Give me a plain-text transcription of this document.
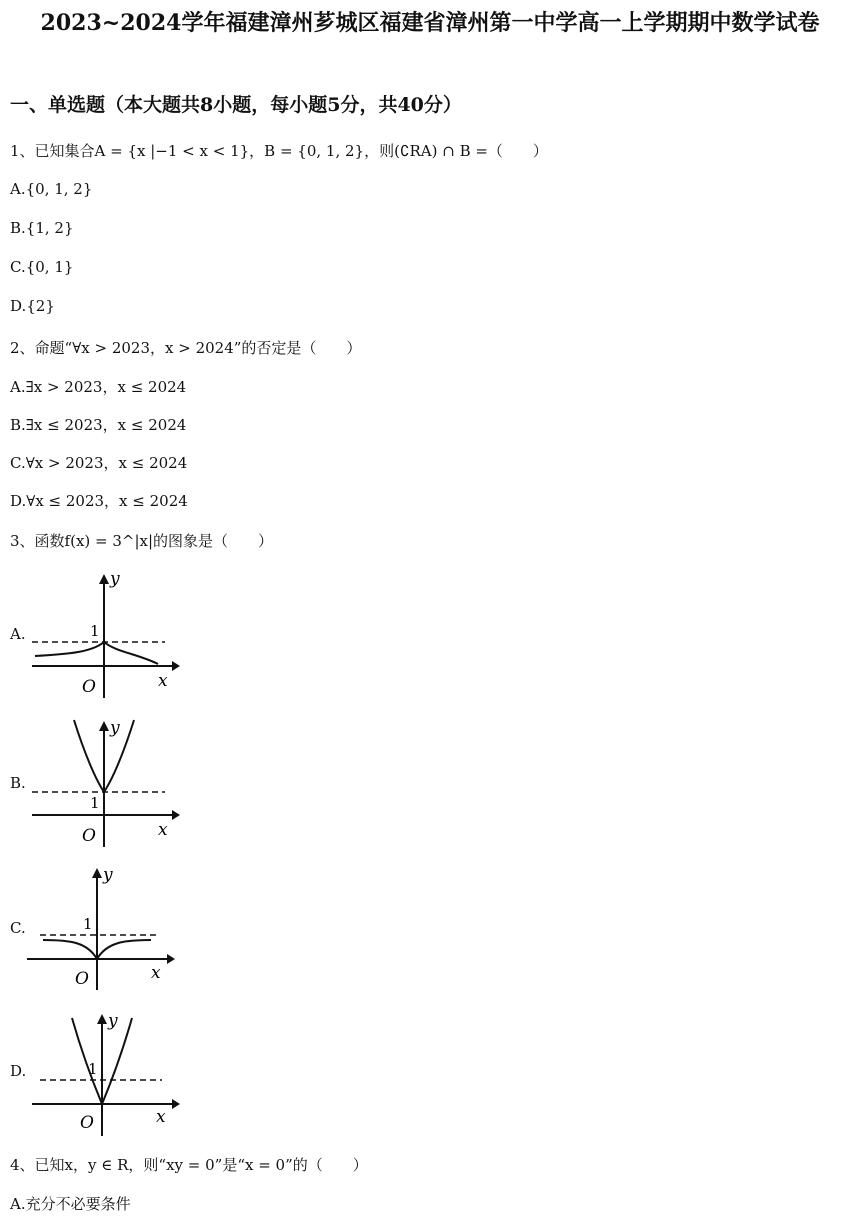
2023~2024学年福建漳州芗城区福建省漳州第一中学高一上学期期中数学试卷
一、单选题（本大题共8小题，每小题5分，共40分）
1、已知集合A = {x |−1 < x < 1}，B = {0, 1, 2}，则(∁RA) ∩ B =（　　）
A.{0, 1, 2}
B.{1, 2}
C.{0, 1}
D.{2}
2、命题“∀x > 2023，x > 2024”的否定是（　　）
A.∃x > 2023，x ≤ 2024
B.∃x ≤ 2023，x ≤ 2024
C.∀x > 2023，x ≤ 2024
D.∀x ≤ 2023，x ≤ 2024
3、函数f(x) = 3^|x|的图象是（　　）
A.
y
x
O
1
B.
y
x
O
1
C.
y
x
O
1
D.
y
x
O
1
4、已知x，y ∈ R，则“xy = 0”是“x = 0”的（　　）
A.充分不必要条件
